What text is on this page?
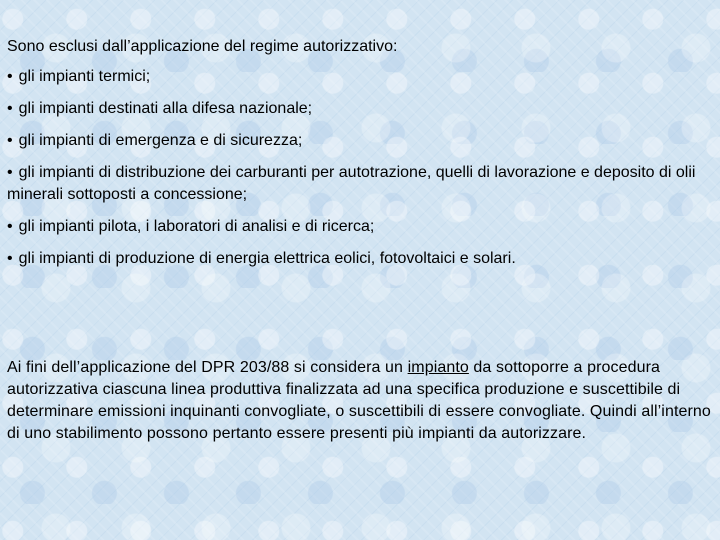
Sono esclusi dall’applicazione del regime autorizzativo:
• gli impianti termici;
• gli impianti destinati alla difesa nazionale;
• gli impianti di emergenza e di sicurezza;
• gli impianti di distribuzione dei carburanti per autotrazione, quelli di lavorazione e deposito di olii minerali sottoposti a concessione;
• gli impianti pilota, i laboratori di analisi e di ricerca;
• gli impianti di produzione di energia elettrica eolici, fotovoltaici e solari.
Ai fini dell’applicazione del DPR 203/88 si considera un impianto da sottoporre a procedura autorizzativa ciascuna linea produttiva finalizzata ad una specifica produzione e suscettibile di determinare emissioni inquinanti convogliate, o suscettibili di essere convogliate. Quindi all’interno di uno stabilimento possono pertanto essere presenti più impianti da autorizzare.
